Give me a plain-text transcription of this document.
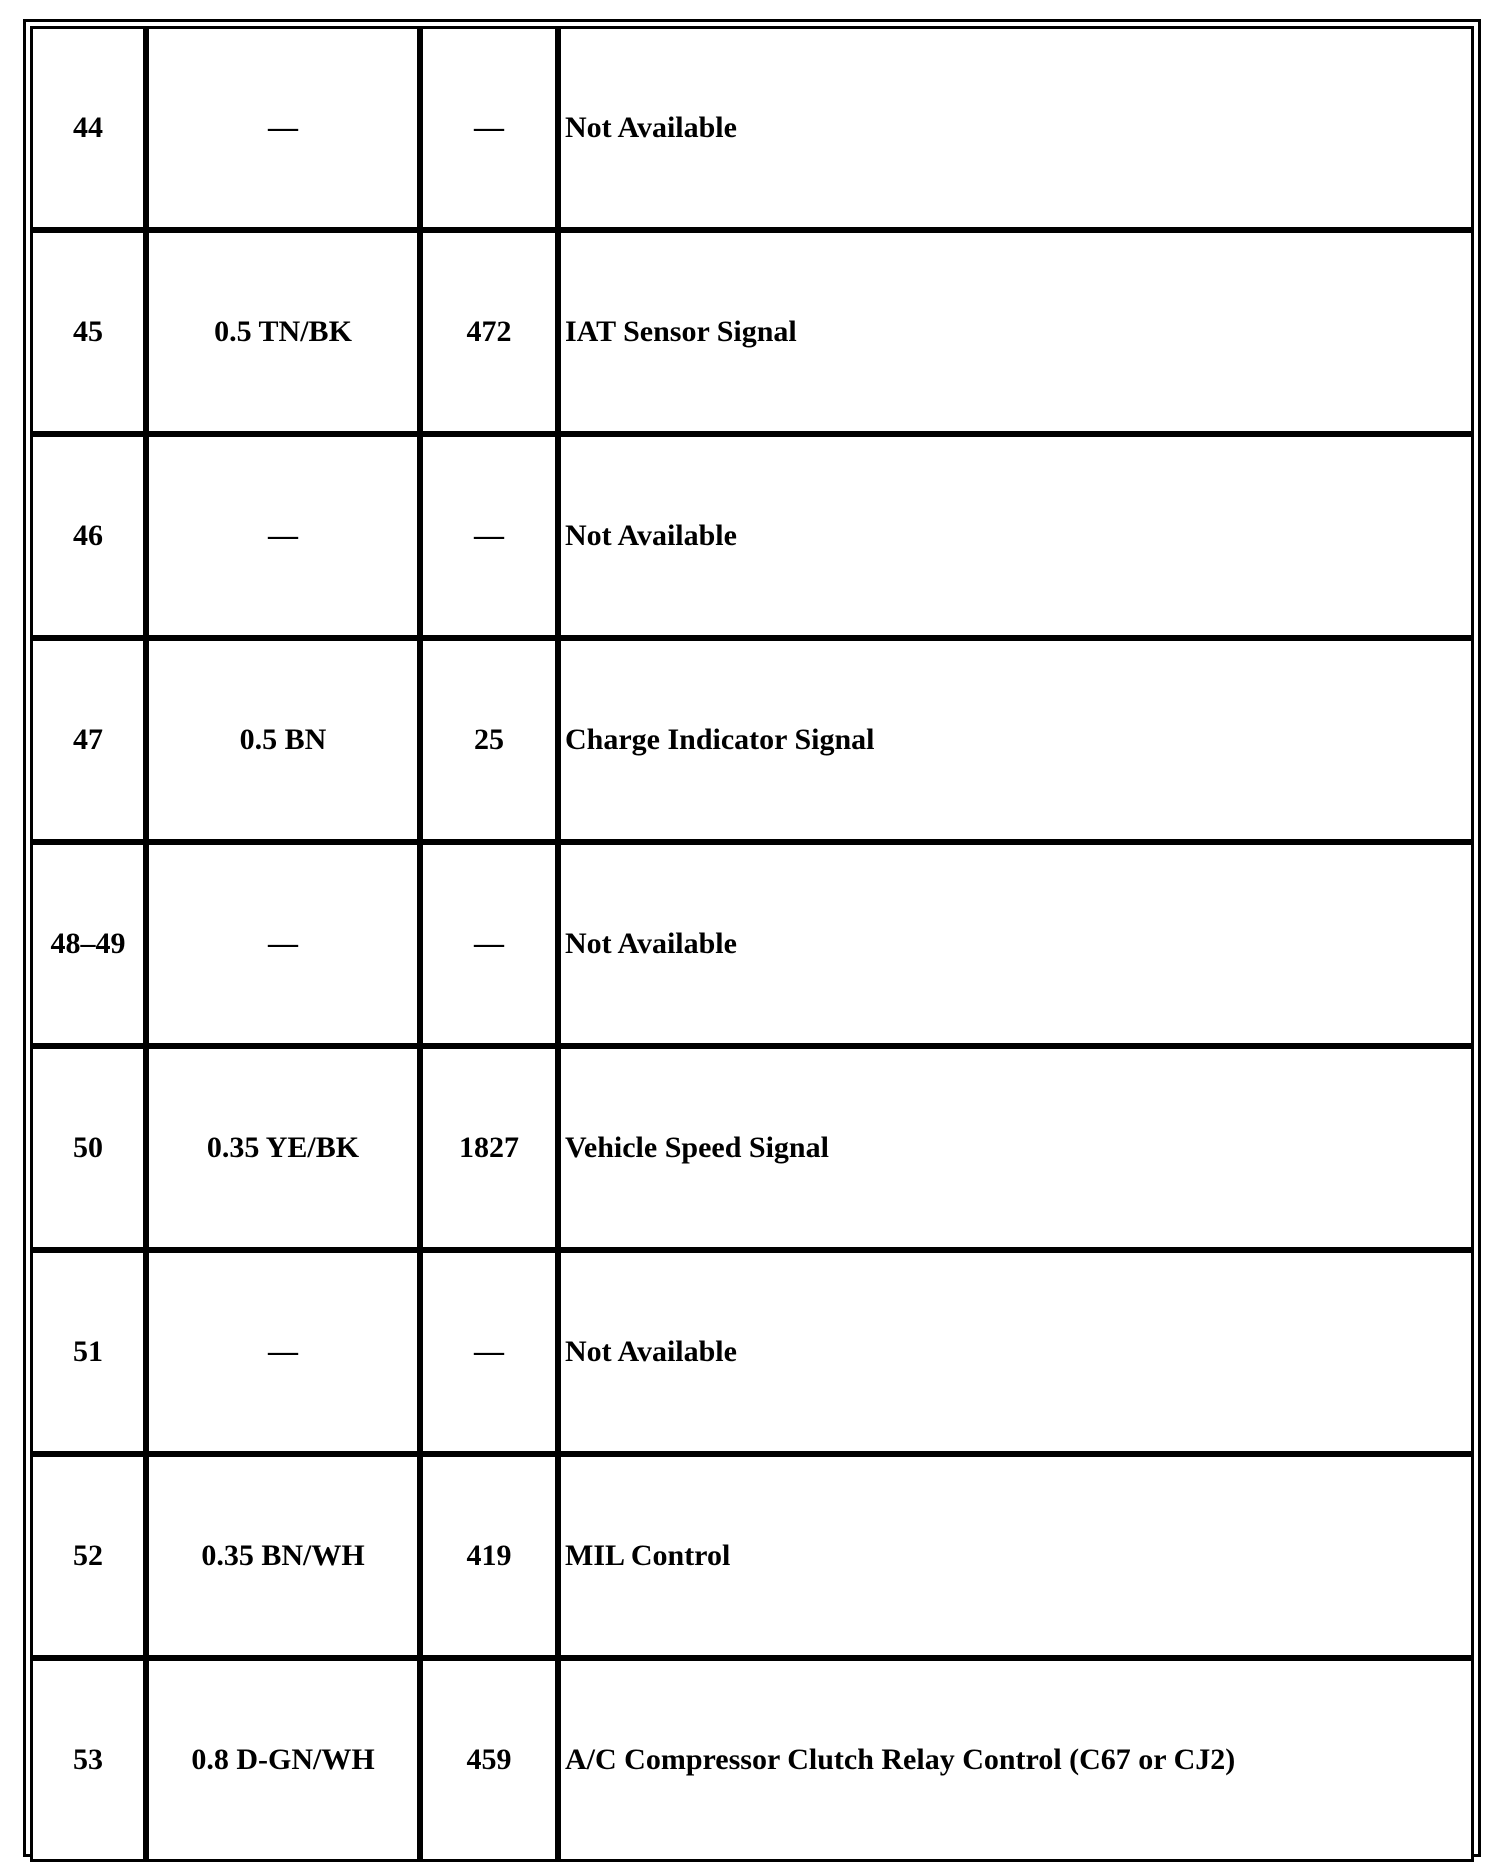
44	—	—	Not Available
45	0.5 TN/BK	472	IAT Sensor Signal
46	—	—	Not Available
47	0.5 BN	25	Charge Indicator Signal
48–49	—	—	Not Available
50	0.35 YE/BK	1827	Vehicle Speed Signal
51	—	—	Not Available
52	0.35 BN/WH	419	MIL Control
53	0.8 D-GN/WH	459	A/C Compressor Clutch Relay Control (C67 or CJ2)
